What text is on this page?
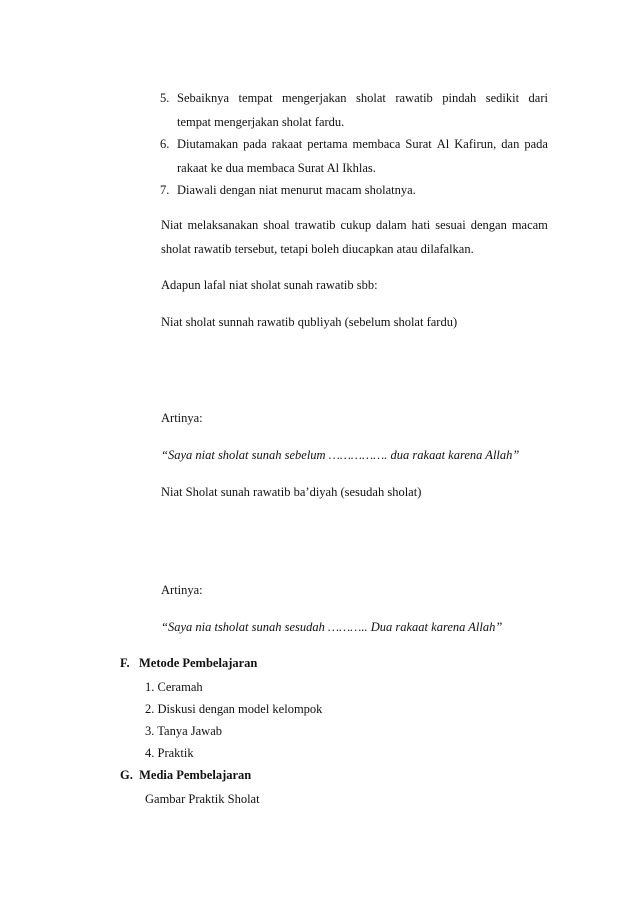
5. Sebaiknya tempat mengerjakan sholat rawatib pindah sedikit dari
tempat mengerjakan sholat fardu.
6. Diutamakan pada rakaat pertama membaca Surat Al Kafirun, dan pada
rakaat ke dua membaca Surat Al Ikhlas.
7. Diawali dengan niat menurut macam sholatnya.
Niat melaksanakan shoal trawatib cukup dalam hati sesuai dengan macam
sholat rawatib tersebut, tetapi boleh diucapkan atau dilafalkan.
Adapun lafal niat sholat sunah rawatib sbb:
Niat sholat sunnah rawatib qubliyah (sebelum sholat fardu)
Artinya:
“Saya niat sholat sunah sebelum ……………. dua rakaat karena Allah”
Niat Sholat sunah rawatib ba’diyah (sesudah sholat)
Artinya:
“Saya nia tsholat sunah sesudah ……….. Dua rakaat karena Allah”
F.   Metode Pembelajaran
1. Ceramah
2. Diskusi dengan model kelompok
3. Tanya Jawab
4. Praktik
G.  Media Pembelajaran
Gambar Praktik Sholat
